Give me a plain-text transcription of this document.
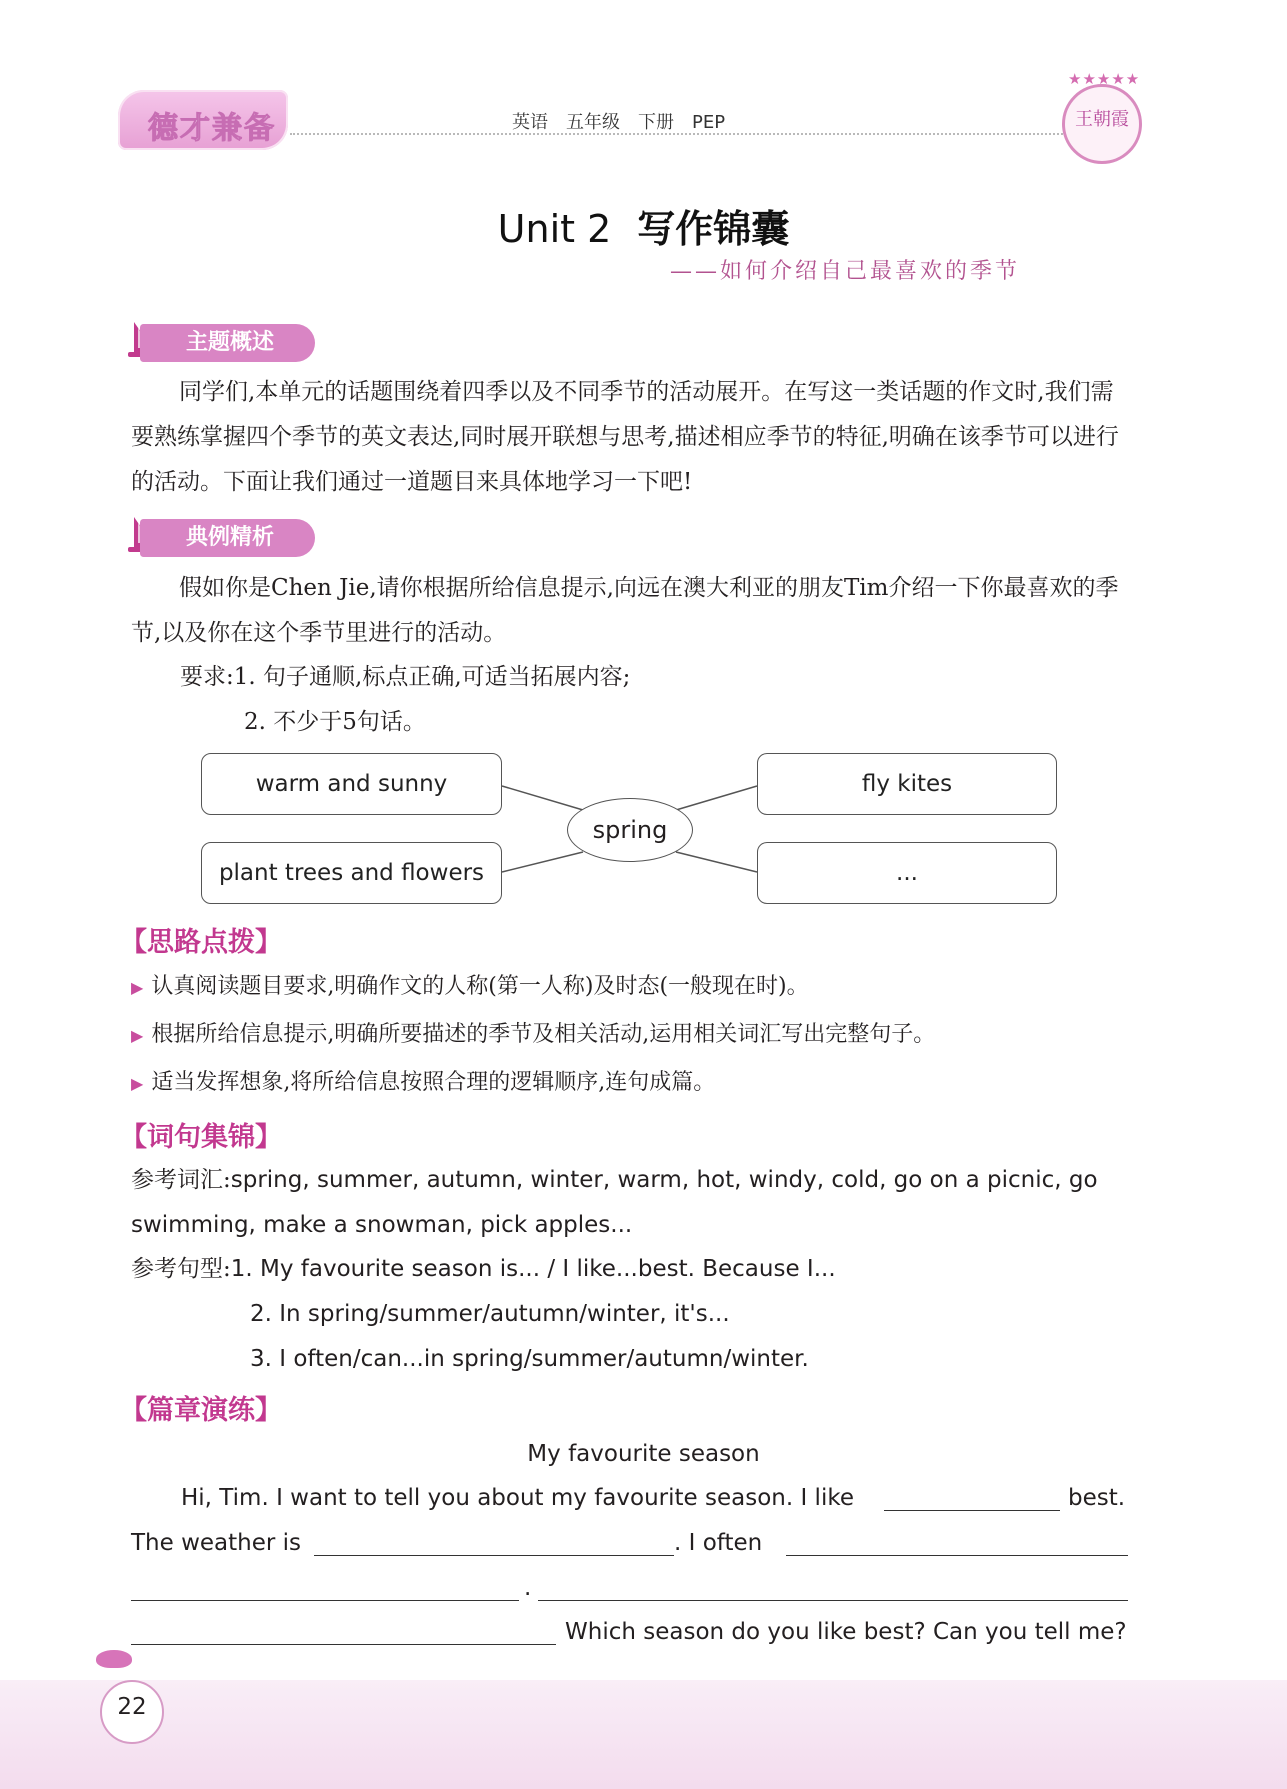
德才兼备	英语 五年级 下册 PEP
★★★★★
王朝霞
Unit 2 写作锦囊
——如何介绍自己最喜欢的季节
主题概述
同学们,本单元的话题围绕着四季以及不同季节的活动展开。在写这一类话题的作文时,我们需要熟练掌握四个季节的英文表达,同时展开联想与思考,描述相应季节的特征,明确在该季节可以进行的活动。下面让我们通过一道题目来具体地学习一下吧!
典例精析
假如你是Chen Jie,请你根据所给信息提示,向远在澳大利亚的朋友Tim介绍一下你最喜欢的季节,以及你在这个季节里进行的活动。
要求:1. 句子通顺,标点正确,可适当拓展内容;
2. 不少于5句话。
warm and sunny
plant trees and flowers
fly kites
...
spring
【思路点拨】
▶ 认真阅读题目要求,明确作文的人称(第一人称)及时态(一般现在时)。
▶ 根据所给信息提示,明确所要描述的季节及相关活动,运用相关词汇写出完整句子。
▶ 适当发挥想象,将所给信息按照合理的逻辑顺序,连句成篇。
【词句集锦】
参考词汇:spring, summer, autumn, winter, warm, hot, windy, cold, go on a picnic, go
swimming, make a snowman, pick apples...
参考句型:1. My favourite season is... / I like...best. Because I...
2. In spring/summer/autumn/winter, it's...
3. I often/can...in spring/summer/autumn/winter.
【篇章演练】
My favourite season
Hi, Tim. I want to tell you about my favourite season. I like	best.
The weather is	. I often
.
Which season do you like best? Can you tell me?
22
